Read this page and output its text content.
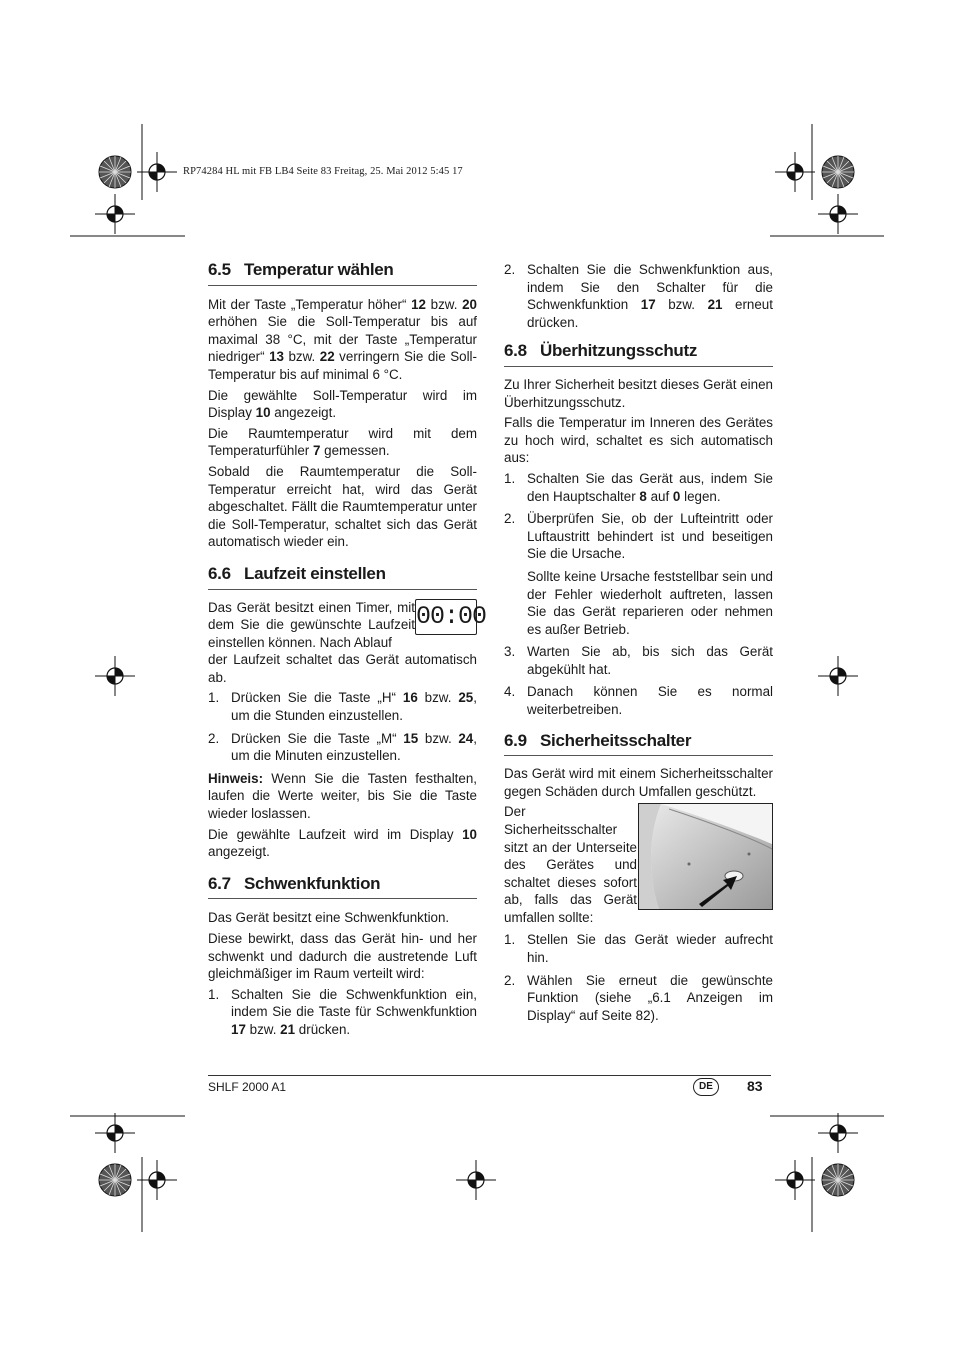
RP74284 HL mit FB LB4 Seite 83 Freitag, 25. Mai 2012 5:45 17
6.5 Temperatur wählen

Mit der Taste „Temperatur höher“ 12 bzw. 20 erhöhen Sie die Soll-Temperatur bis auf maximal 38 °C, mit der Taste „Temperatur niedriger“ 13 bzw. 22 verringern Sie die Soll-Temperatur bis auf minimal 6 °C.

Die gewählte Soll-Temperatur wird im Display 10 angezeigt.

Die Raumtemperatur wird mit dem Temperaturfühler 7 gemessen.

Sobald die Raumtemperatur die Soll-Temperatur erreicht hat, wird das Gerät abgeschaltet. Fällt die Raumtemperatur unter die Soll-Temperatur, schaltet sich das Gerät automatisch wieder ein.

6.6 Laufzeit einstellen
00:00

Das Gerät besitzt einen Timer, mit dem Sie die gewünschte Laufzeit einstellen können. Nach Ablauf

der Laufzeit schaltet das Gerät automatisch ab.

1. Drücken Sie die Taste „H“ 16 bzw. 25, um die Stunden einzustellen.
2. Drücken Sie die Taste „M“ 15 bzw. 24, um die Minuten einzustellen.

Hinweis: Wenn Sie die Tasten festhalten, laufen die Werte weiter, bis Sie die Taste wieder loslassen.

Die gewählte Laufzeit wird im Display 10 angezeigt.

6.7 Schwenkfunktion

Das Gerät besitzt eine Schwenkfunktion.

Diese bewirkt, dass das Gerät hin- und her schwenkt und dadurch die austretende Luft gleichmäßiger im Raum verteilt wird:

1. Schalten Sie die Schwenkfunktion ein, indem Sie die Taste für Schwenkfunktion 17 bzw. 21 drücken.
2. Schalten Sie die Schwenkfunktion aus, indem Sie den Schalter für die Schwenkfunktion 17 bzw. 21 erneut drücken.
6.8 Überhitzungsschutz

Zu Ihrer Sicherheit besitzt dieses Gerät einen Überhitzungsschutz.

Falls die Temperatur im Inneren des Gerätes zu hoch wird, schaltet es sich automatisch aus:

1. Schalten Sie das Gerät aus, indem Sie den Hauptschalter 8 auf 0 legen.
2. Überprüfen Sie, ob der Lufteintritt oder Luftaustritt behindert ist und beseitigen Sie die Ursache.

Sollte keine Ursache feststellbar sein und der Fehler wiederholt auftreten, lassen Sie das Gerät reparieren oder nehmen es außer Betrieb.

3. Warten Sie ab, bis sich das Gerät abgekühlt hat.
4. Danach können Sie es normal weiterbetreiben.
6.9 Sicherheitsschalter

Das Gerät wird mit einem Sicherheitsschalter gegen Schäden durch Umfallen geschützt.

Der Sicherheitsschalter sitzt an der Unterseite des Gerätes und schaltet dieses sofort ab, falls das Gerät umfallen sollte:

1. Stellen Sie das Gerät wieder aufrecht hin.
2. Wählen Sie erneut die gewünschte Funktion (siehe „6.1 Anzeigen im Display“ auf Seite 82).
SHLF 2000 A1	DE	83
